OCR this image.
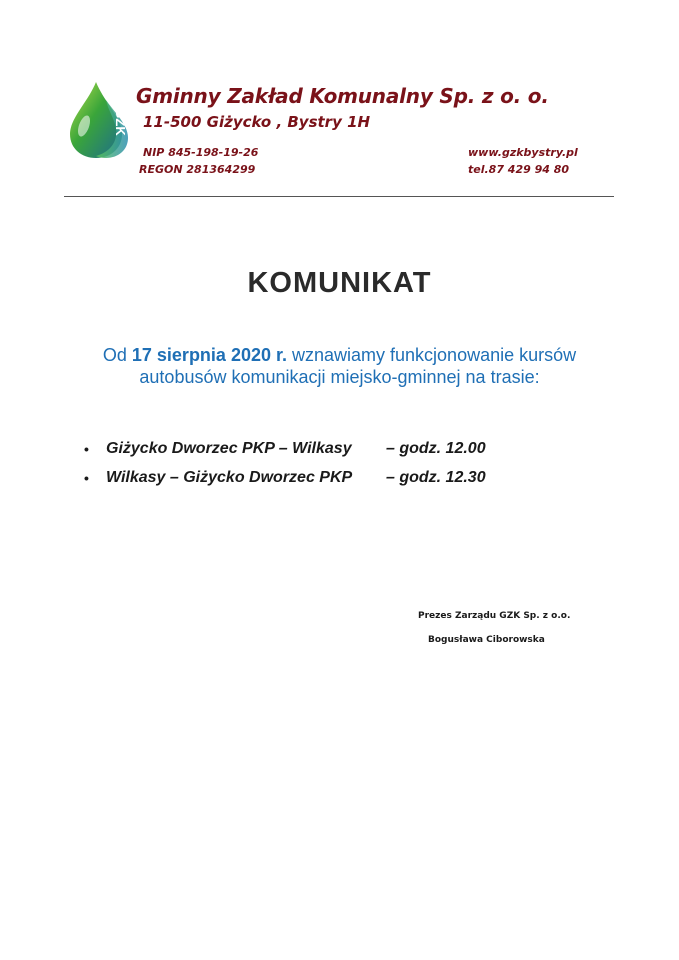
GZK
Gminny Zakład Komunalny Sp. z o. o.
11-500 Giżycko , Bystry 1H
NIP 845-198-19-26
REGON 281364299
www.gzkbystry.pl
tel.87 429 94 80
KOMUNIKAT
Od 17 sierpnia 2020 r. wznawiamy funkcjonowanie kursów
autobusów komunikacji miejsko-gminnej na trasie:
• Giżycko Dworzec PKP – Wilkasy – godz. 12.00
• Wilkasy – Giżycko Dworzec PKP – godz. 12.30
Prezes Zarządu GZK Sp. z o.o.
Bogusława Ciborowska
